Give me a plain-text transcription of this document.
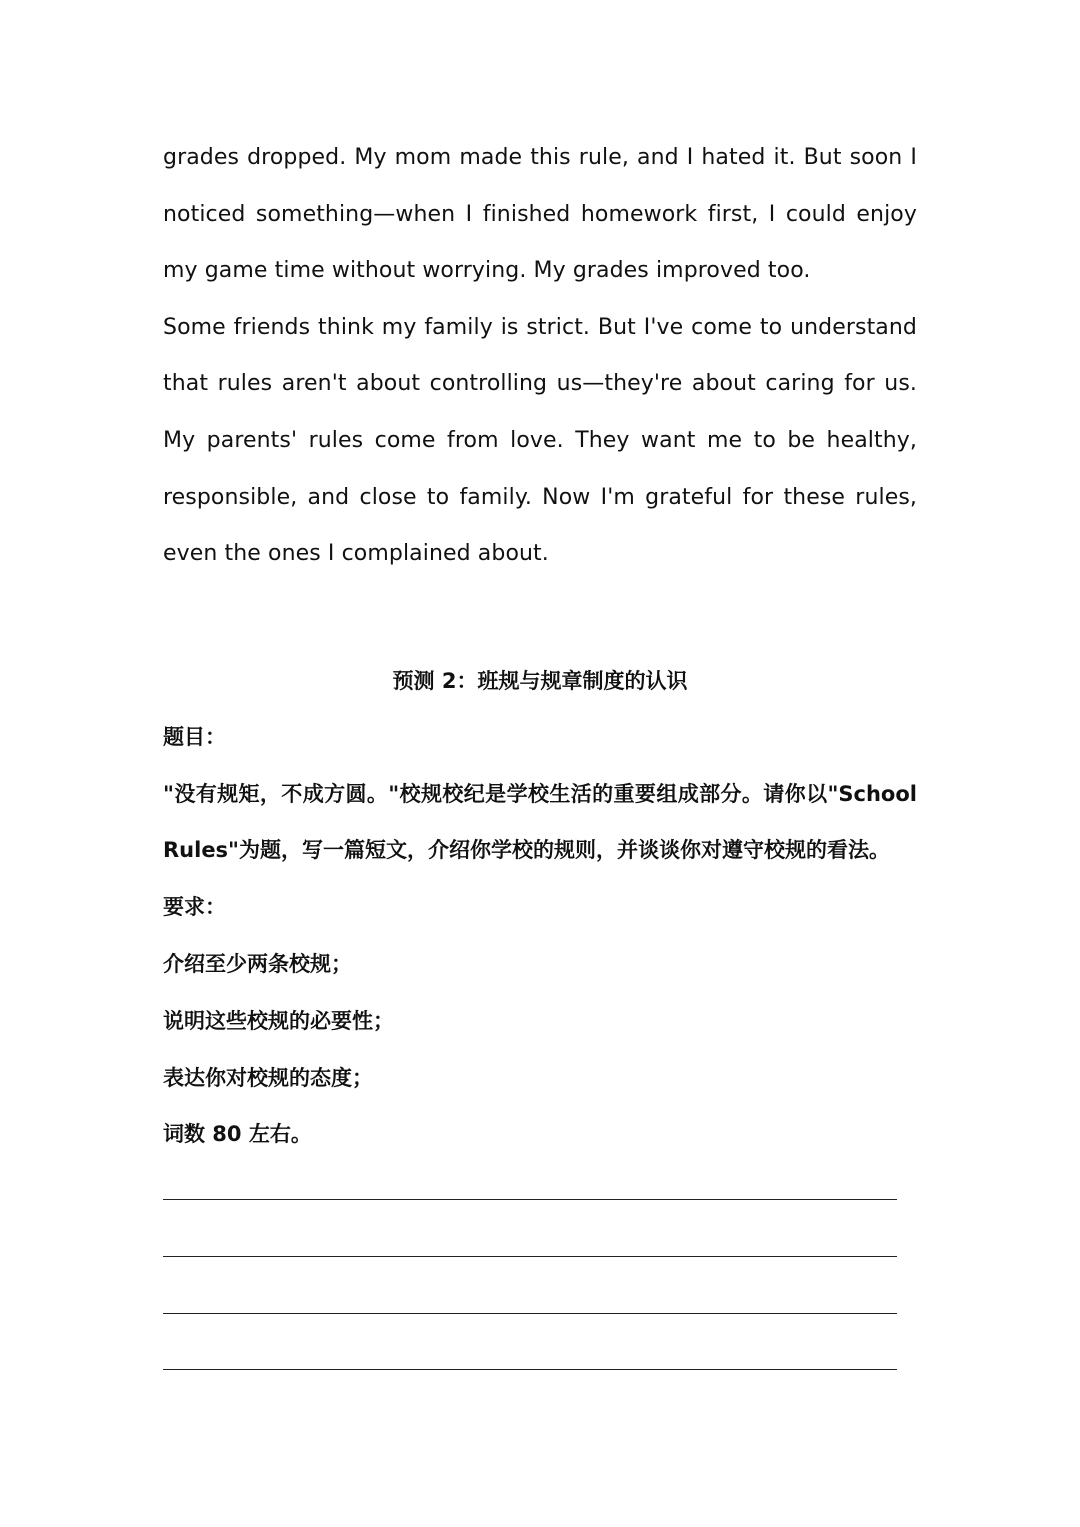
grades dropped. My mom made this rule, and I hated it. But soon I noticed something—when I finished homework first, I could enjoy my game time without worrying. My grades improved too.

Some friends think my family is strict. But I've come to understand that rules aren't about controlling us—they're about caring for us. My parents' rules come from love. They want me to be healthy, responsible, and close to family. Now I'm grateful for these rules, even the ones I complained about.

预测 2：班规与规章制度的认识

题目：

"没有规矩，不成方圆。"校规校纪是学校生活的重要组成部分。请你以"School Rules"为题，写一篇短文，介绍你学校的规则，并谈谈你对遵守校规的看法。

要求：

介绍至少两条校规；

说明这些校规的必要性；

表达你对校规的态度；

词数 80 左右。
